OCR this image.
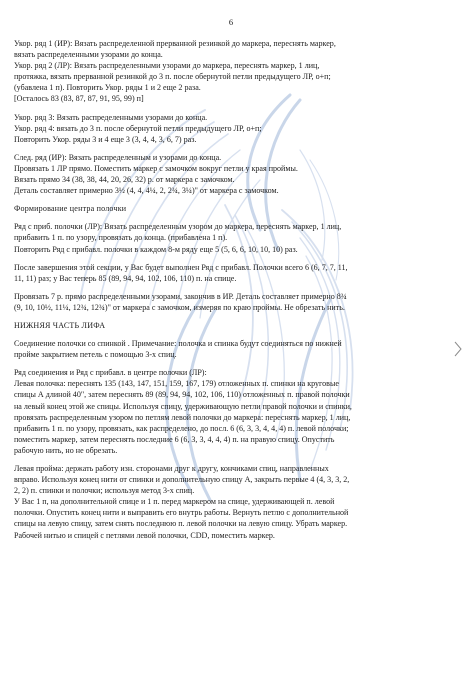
6

Укор. ряд 1 (ИР): Вязать распределенной прерванной резинкой до маркера, переснять маркер,

вязать распределенными узорами до конца.

Укор. ряд 2 (ЛР): Вязать распределенными узорами до маркера, переснять маркер, 1 лиц,

протяжка, вязать прерванной резинкой до 3 п. после обернутой петли предыдущего ЛР, о+п;

(убавлена 1 п). Повторить Укор. ряды 1 и 2 еще 2 раза.

[Осталось 83 (83, 87, 87, 91, 95, 99) п]

Укор. ряд 3: Вязать распределенными узорами до конца.

Укор. ряд 4: вязать до 3 п. после обернутой петли предыдущего ЛР, о+п;

Повторить Укор. ряды 3 и 4 еще 3 (3, 4, 4, 3, 6, 7) раз.

След. ряд (ИР): Вязать распределенным и узорами до конца.

Провязать 1 ЛР прямо. Поместить маркер с замочком вокруг петли у края проймы.

Вязать прямо 34 (38, 38, 44, 20, 26, 32) р. от маркера с замочком.

Деталь составляет примерно 3½ (4, 4, 4¼, 2, 2¾, 3¼)" от маркера с замочком.

Формирование центра полочки

Ряд с приб. полочки (ЛР): Вязать распределенным узором до маркера, переснять маркер, 1 лиц,

прибавить 1 п. по узору, провязать до конца. (прибавлена 1 п).

Повторить Ряд с прибавл. полочки в каждом 8-м ряду еще 5 (5, 6, 6, 10, 10, 10) раз.

После завершения этой секции, у Вас будет выполнен Ряд с прибавл. Полочки всего 6 (6, 7, 7, 11,

11, 11) раз; у Вас теперь 85 (89, 94, 94, 102, 106, 110) п. на спице.

Провязать 7 р. прямо распределенными узорами, закончив в ИР. Деталь составляет примерно 8¾

(9, 10, 10½, 11¼, 12¾, 12¾)" от маркера с замочком, измеряя по краю проймы. Не обрезать нить.

НИЖНЯЯ ЧАСТЬ ЛИФА

Соединение полочки со спинкой . Примечание: полочка и спинка будут соединяться по нижней

пройме закрытием петель с помощью 3-х спиц.

Ряд соединения и Ряд с прибавл. в центре полочки (ЛР):

Левая полочка: переснять 135 (143, 147, 151, 159, 167, 179) отложенных п. спинки на круговые

спицы А длиной 40", затем переснять 89 (89, 94, 94, 102, 106, 110) отложенных п. правой полочки

на левый конец этой же спицы. Используя спицу, удерживающую петли правой полочки и спинки,

провязать распределенным узором по петлям левой полочки до маркера: переснять маркер, 1 лиц,

прибавить 1 п. по узору, провязать, как распределено, до посл. 6 (6, 3, 3, 4, 4, 4) п. левой полочки;

поместить маркер, затем переснять последние 6 (6, 3, 3, 4, 4, 4) п. на правую спицу. Опустить

рабочую нить, но не обрезать.

Левая пройма: держать работу изн. сторонами друг к другу, кончиками спиц, направленных

вправо. Используя конец нити от спинки и дополнительную спицу А, закрыть первые 4 (4, 3, 3, 2,

2, 2) п. спинки и полочки; используя метод 3-х спиц.

У Вас 1 п, на дополнительной спице и 1 п. перед маркером на спице, удерживающей п. левой

полочки. Опустить конец нити и выправить его внутрь работы. Вернуть петлю с дополнительной

спицы на левую спицу, затем снять последнюю п. левой полочки на левую спицу. Убрать маркер.

Рабочей нитью и спицей с петлями левой полочки, CDD, поместить маркер.
